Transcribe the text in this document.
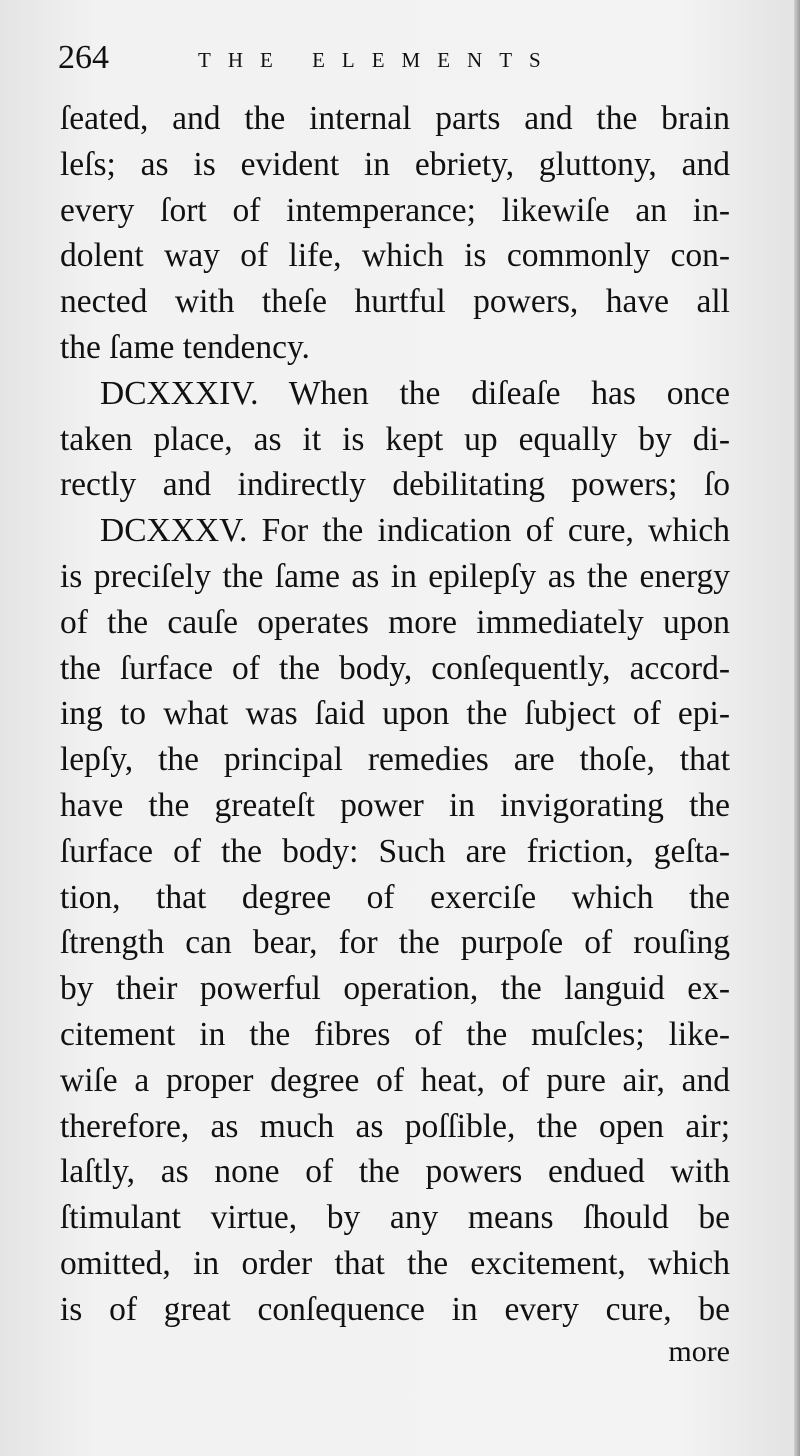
264	THE ELEMENTS
ſeated, and the internal parts and the brain
leſs; as is evident in ebriety, gluttony, and
every ſort of intemperance; likewiſe an in-
dolent way of life, which is commonly con-
nected with theſe hurtful powers, have all
the ſame tendency.
DCXXXIV. When the diſeaſe has once
taken place, as it is kept up equally by di-
rectly and indirectly debilitating powers; ſo
DCXXXV. For the indication of cure, which
is preciſely the ſame as in epilepſy as the energy
of the cauſe operates more immediately upon
the ſurface of the body, conſequently, accord-
ing to what was ſaid upon the ſubject of epi-
lepſy, the principal remedies are thoſe, that
have the greateſt power in invigorating the
ſurface of the body: Such are friction, geſta-
tion, that degree of exerciſe which the
ſtrength can bear, for the purpoſe of rouſing
by their powerful operation, the languid ex-
citement in the fibres of the muſcles; like-
wiſe a proper degree of heat, of pure air, and
therefore, as much as poſſible, the open air;
laſtly, as none of the powers endued with
ſtimulant virtue, by any means ſhould be
omitted, in order that the excitement, which
is of great conſequence in every cure, be
more
